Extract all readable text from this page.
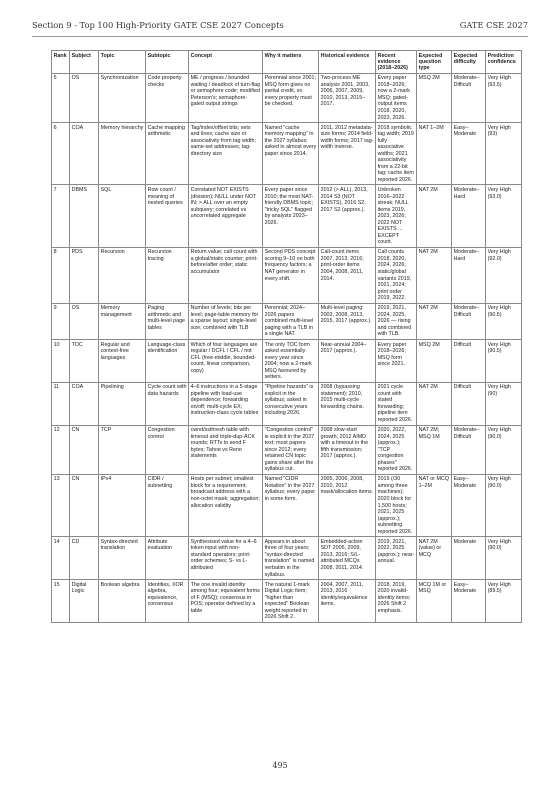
Section 9 - Top 100 High-Priority GATE CSE 2027 Concepts	GATE CSE 2027
Rank	Subject	Topic	Subtopic	Concept	Why it matters	Historical evidence	Recent evidence (2018–2026)	Expected question type	Expected difficulty	Prediction confidence
5	OS	Synchronization	Code property checks	ME / progress / bounded waiting / deadlock of turn-flag or semaphore code; modified Peterson's; semaphore-gated output strings	Perennial since 2001; MSQ form gives no partial credit, so every property must be checked.	Two-process ME analysis 2001, 2003, 2006, 2007, 2009, 2010, 2013, 2015–2017.	Every paper 2018–2026; now a 2-mark MSQ; gated-output items 2018, 2020, 2023, 2026.	MSQ 2M	Moderate–Difficult	Very High (93.5)
6	COA	Memory hierarchy	Cache mapping arithmetic	Tag/index/offset bits; sets and lines; cache size or associativity from tag width; same-set addresses; tag-directory size	Named "cache memory mapping" in the 2027 syllabus; asked in almost every paper since 2014.	2011, 2012 metadata-size forms; 2014 field-width forms; 2017 tag-width inverse.	2018 symbolic tag width; 2019 fully associative widths; 2021 associativity from a 22-bit tag; cache item reported 2026.	NAT 1–2M	Easy–Moderate	Very High (93)
7	DBMS	SQL	Row count / meaning of nested queries	Correlated NOT EXISTS (division); NULL under NOT IN; > ALL over an empty subquery; correlated vs uncorrelated aggregate	Every paper since 2010; the most NAT-friendly DBMS topic; "tricky SQL" flagged by analysts 2023–2026.	2012 (> ALL), 2013, 2014 S3 (NOT EXISTS), 2016 S2, 2017 S2 (approx.).	Unbroken 2016–2022 streak; NULL items 2019, 2023, 2026; 2022 NOT EXISTS ... EXCEPT count.	NAT 2M	Moderate–Hard	Very High (93.0)
8	PDS	Recursion	Recursion tracing	Return value; call count with a global/static counter; print-before/after order; static accumulator	Second PDS concept scoring 9–10 on both frequency factors; a NAT generator in every shift.	Call-count items 2007, 2013, 2016; print-order items 2004, 2008, 2011, 2014.	Call counts 2018, 2020, 2024, 2026; static/global variants 2019, 2021, 2024; print order 2019, 2022.	NAT 2M	Moderate–Hard	Very High (92.0)
9	OS	Memory management	Paging arithmetic and multi-level page tables	Number of levels; bits per level; page-table memory for a sparse layout; single-level size; combined with TLB	Perennial; 2024–2026 papers combined multi-level paging with a TLB in a single NAT.	Multi-level paging: 2003, 2008, 2013, 2015, 2017 (approx.).	2019, 2021, 2024, 2025, 2026 — rising and combined with TLB.	NAT 2M	Moderate–Difficult	Very High (90.5)
10	TOC	Regular and context-free languages	Language-class identification	Which of four languages are regular / DCFL / CFL / not CFL (free-middle, bounded-count, linear comparison, copy)	The only TOC form asked essentially every year since 2004; now a 2-mark MSQ favoured by setters.	Near-annual 2004–2017 (approx.).	Every paper 2018–2026; MSQ form since 2021.	MSQ 2M	Difficult	Very High (90.5)
11	COA	Pipelining	Cycle count with data hazards	4–6 instructions in a 5-stage pipeline with load-use dependence; forwarding on/off; multi-cycle EX; instruction-class cycle tables	"Pipeline hazards" is explicit in the syllabus; asked in consecutive years including 2026.	2008 (bypassing statement); 2010, 2015 multi-cycle forwarding chains.	2021 cycle count with stated forwarding; pipeline item reported 2026.	NAT 2M	Difficult	Very High (90)
12	CN	TCP	Congestion control	cwnd/ssthresh table with timeout and triple-dup-ACK rounds; RTTs to send F bytes; Tahoe vs Reno statements	"Congestion control" is explicit in the 2027 text; most papers since 2012; every retained CN topic gains share after the syllabus cut.	2008 slow-start growth; 2012 AIMD with a timeout in the fifth transmission; 2017 (approx.).	2020, 2022, 2024, 2025 (approx.); "TCP congestion phases" reported 2026.	NAT 2M; MSQ 1M	Moderate–Difficult	Very High (90.0)
13	CN	IPv4	CIDR / subnetting	Hosts per subnet; smallest block for a requirement; broadcast address with a non-octet mask; aggregation; allocation validity	Named "CIDR Notation" in the 2027 syllabus; every paper in some form.	2005, 2006, 2008, 2010, 2012 mask/allocation items.	2019 (/30 among three machines); 2020 block for 1,500 hosts; 2021, 2025 (approx.); subnetting reported 2026.	NAT or MCQ 1–2M	Easy–Moderate	Very High (90.0)
14	CD	Syntax-directed translation	Attribute evaluation	Synthesised value for a 4–6 token input with non-standard operators; print-order schemes; S- vs L-attributed	Appears in about three of four years; "syntax-directed translation" is named verbatim in the syllabus.	Embedded-action SDT 2005, 2009, 2013, 2016; S/L-attributed MCQs 2008, 2011, 2014.	2019, 2021, 2022, 2025 (approx.); near-annual.	NAT 2M (value) or MCQ	Moderate	Very High (90.0)
15	Digital Logic	Boolean algebra	Identities, XOR algebra, equivalence, consensus	The one invalid identity among four; equivalent forms of F (MSQ); consensus in POS; operator defined by a table	The natural 1-mark Digital Logic item; "higher than expected" Boolean weight reported in 2026 Shift 2.	2004, 2007, 2011, 2013, 2016 identity/equivalence items.	2018, 2019, 2020 invalid-identity items; 2026 Shift 2 emphasis.	MCQ 1M or MSQ	Easy–Moderate	Very High (89.5)
495
